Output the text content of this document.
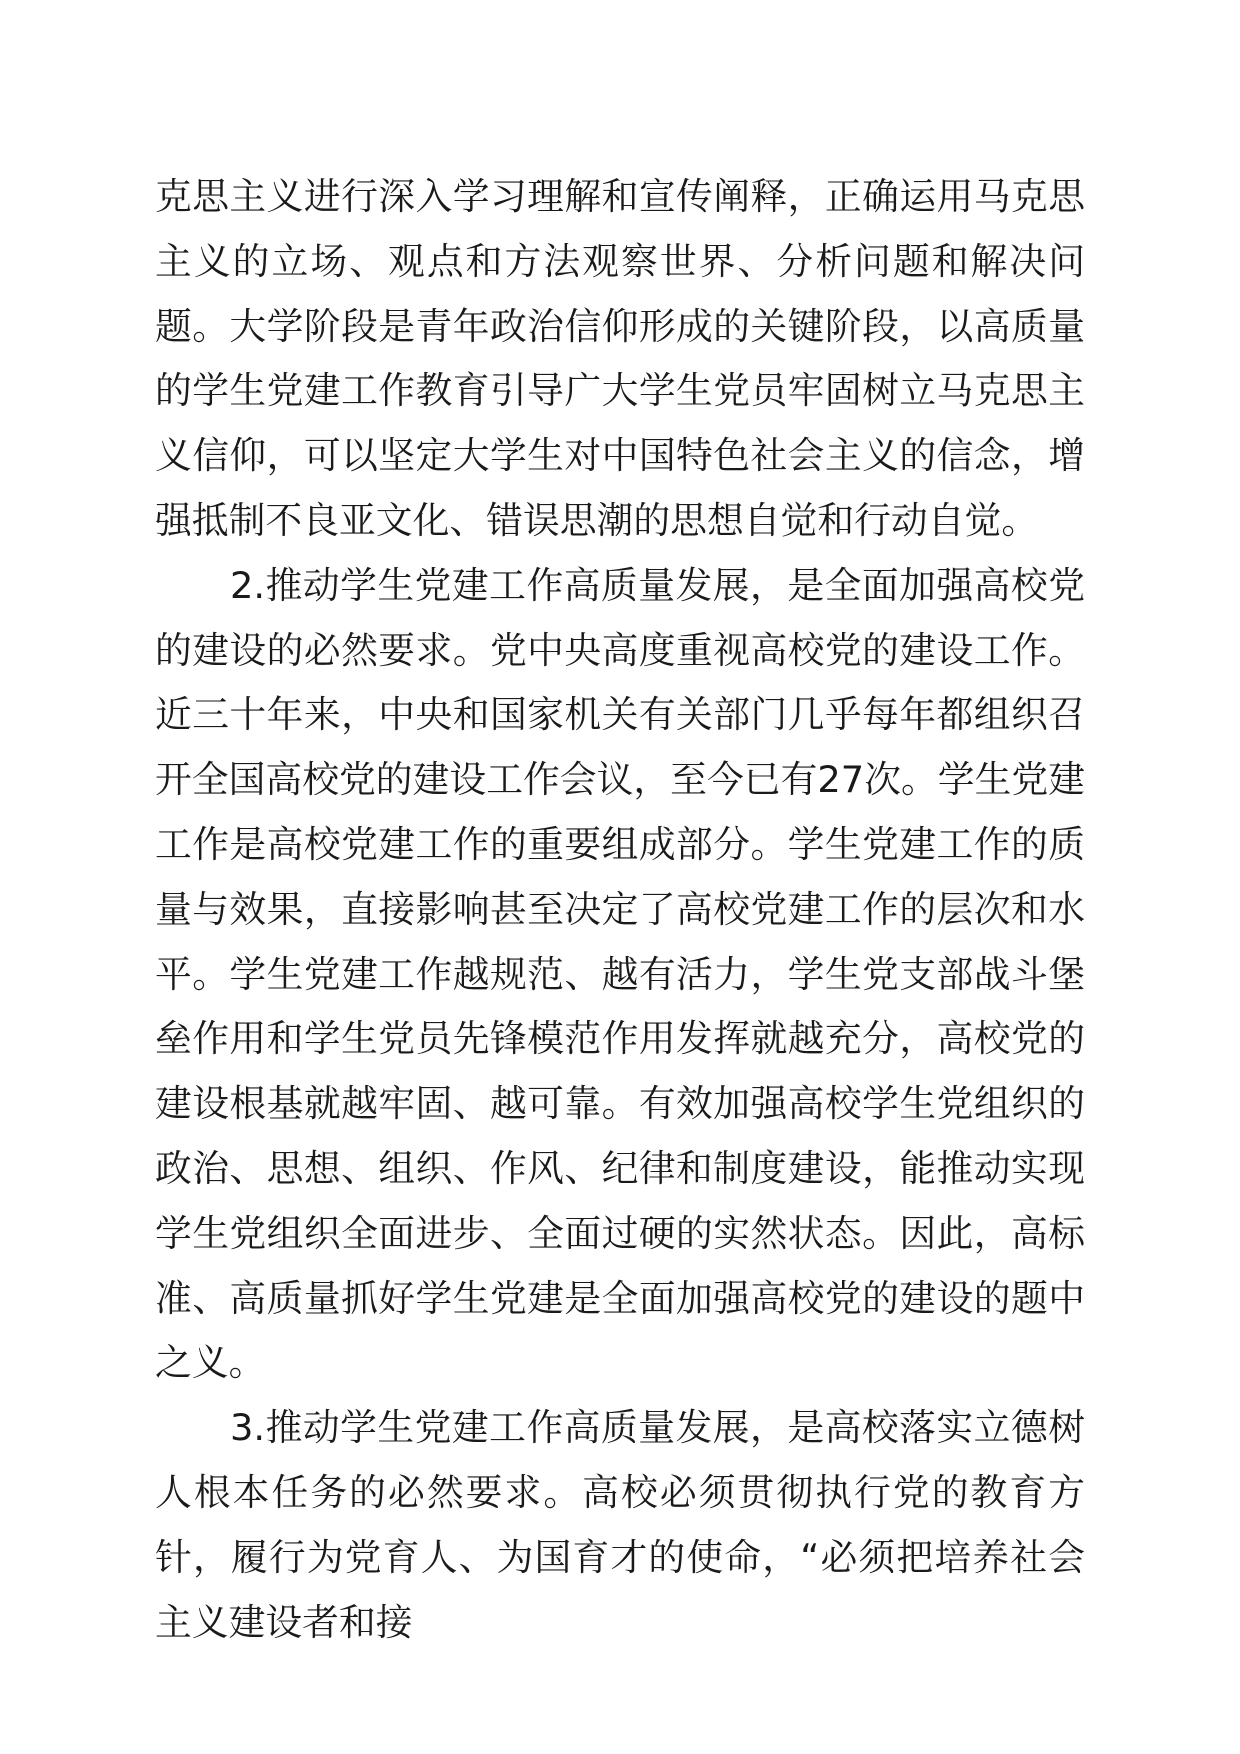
克思主义进行深入学习理解和宣传阐释，正确运用马克思主义的立场、观点和方法观察世界、分析问题和解决问题。大学阶段是青年政治信仰形成的关键阶段，以高质量的学生党建工作教育引导广大学生党员牢固树立马克思主义信仰，可以坚定大学生对中国特色社会主义的信念，增强抵制不良亚文化、错误思潮的思想自觉和行动自觉。

2.推动学生党建工作高质量发展，是全面加强高校党的建设的必然要求。党中央高度重视高校党的建设工作。近三十年来，中央和国家机关有关部门几乎每年都组织召开全国高校党的建设工作会议，至今已有27次。学生党建工作是高校党建工作的重要组成部分。学生党建工作的质量与效果，直接影响甚至决定了高校党建工作的层次和水平。学生党建工作越规范、越有活力，学生党支部战斗堡垒作用和学生党员先锋模范作用发挥就越充分，高校党的建设根基就越牢固、越可靠。有效加强高校学生党组织的政治、思想、组织、作风、纪律和制度建设，能推动实现学生党组织全面进步、全面过硬的实然状态。因此，高标准、高质量抓好学生党建是全面加强高校党的建设的题中之义。

3.推动学生党建工作高质量发展，是高校落实立德树人根本任务的必然要求。高校必须贯彻执行党的教育方针，履行为党育人、为国育才的使命，“必须把培养社会主义建设者和接
